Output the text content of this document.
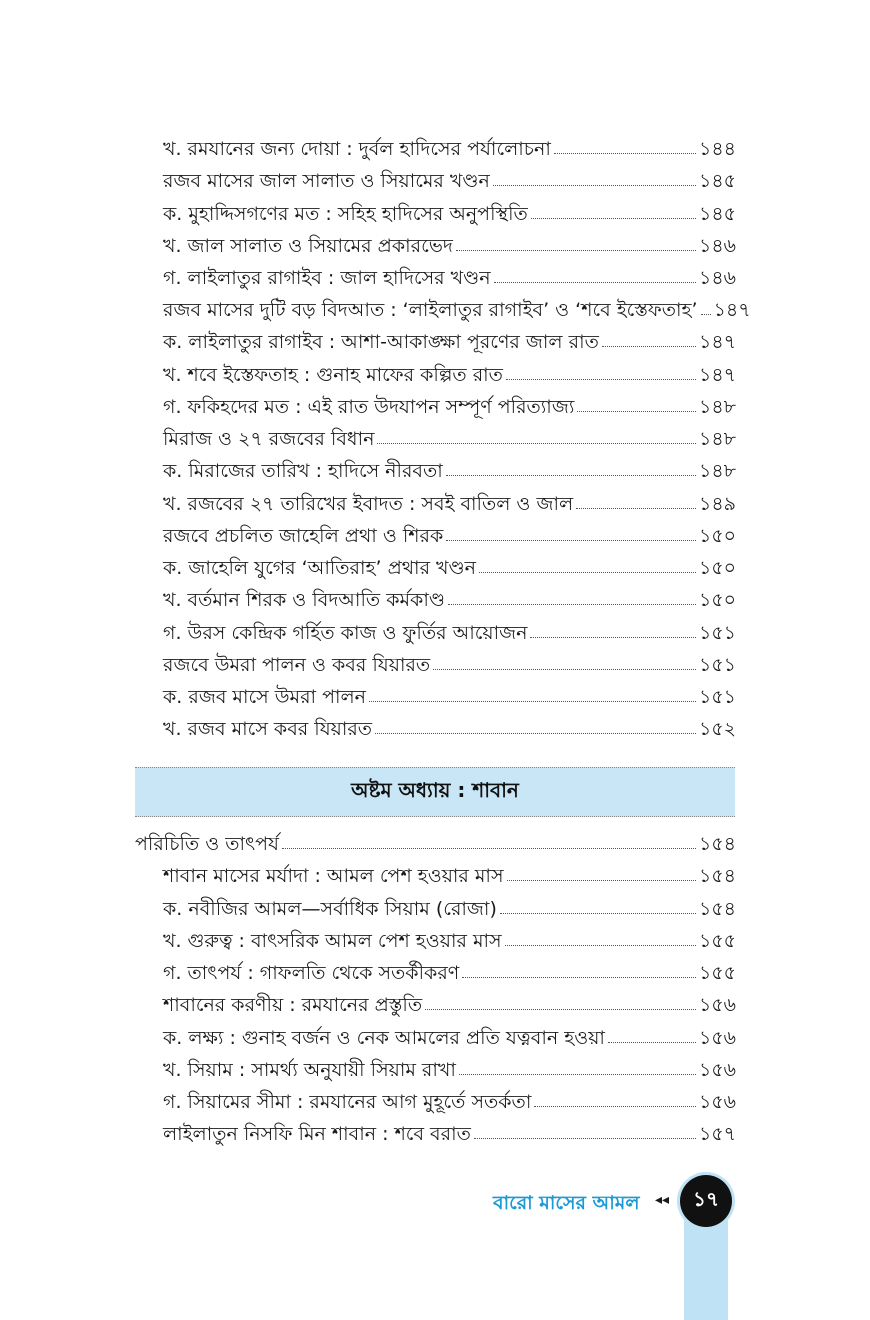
খ. রমযানের জন্য দোয়া : দুর্বল হাদিসের পর্যালোচনা	১৪৪
রজব মাসের জাল সালাত ও সিয়ামের খণ্ডন	১৪৫
ক. মুহাদ্দিসগণের মত : সহিহ হাদিসের অনুপস্থিতি	১৪৫
খ. জাল সালাত ও সিয়ামের প্রকারভেদ	১৪৬
গ. লাইলাতুর রাগাইব : জাল হাদিসের খণ্ডন	১৪৬
রজব মাসের দুটি বড় বিদআত : ‘লাইলাতুর রাগাইব’ ও ‘শবে ইস্তেফতাহ’ ১৪৭
ক. লাইলাতুর রাগাইব : আশা-আকাঙ্ক্ষা পূরণের জাল রাত	১৪৭
খ. শবে ইস্তেফতাহ : গুনাহ মাফের কল্পিত রাত	১৪৭
গ. ফকিহদের মত : এই রাত উদযাপন সম্পূর্ণ পরিত্যাজ্য	১৪৮
মিরাজ ও ২৭ রজবের বিধান	১৪৮
ক. মিরাজের তারিখ : হাদিসে নীরবতা	১৪৮
খ. রজবের ২৭ তারিখের ইবাদত : সবই বাতিল ও জাল	১৪৯
রজবে প্রচলিত জাহেলি প্রথা ও শিরক	১৫০
ক. জাহেলি যুগের ‘আতিরাহ’ প্রথার খণ্ডন	১৫০
খ. বর্তমান শিরক ও বিদআতি কর্মকাণ্ড	১৫০
গ. উরস কেন্দ্রিক গর্হিত কাজ ও ফুর্তির আয়োজন	১৫১
রজবে উমরা পালন ও কবর যিয়ারত	১৫১
ক. রজব মাসে উমরা পালন	১৫১
খ. রজব মাসে কবর যিয়ারত	১৫২
অষ্টম অধ্যায় : শাবান
পরিচিতি ও তাৎপর্য	১৫৪
শাবান মাসের মর্যাদা : আমল পেশ হওয়ার মাস	১৫৪
ক. নবীজির আমল—সর্বাধিক সিয়াম (রোজা)	১৫৪
খ. গুরুত্ব : বাৎসরিক আমল পেশ হওয়ার মাস	১৫৫
গ. তাৎপর্য : গাফলতি থেকে সতর্কীকরণ	১৫৫
শাবানের করণীয় : রমযানের প্রস্তুতি	১৫৬
ক. লক্ষ্য : গুনাহ বর্জন ও নেক আমলের প্রতি যত্নবান হওয়া	১৫৬
খ. সিয়াম : সামর্থ্য অনুযায়ী সিয়াম রাখা	১৫৬
গ. সিয়ামের সীমা : রমযানের আগ মুহূর্তে সতর্কতা	১৫৬
লাইলাতুন নিসফি মিন শাবান : শবে বরাত	১৫৭
বারো মাসের আমল ◂◂ ১৭
